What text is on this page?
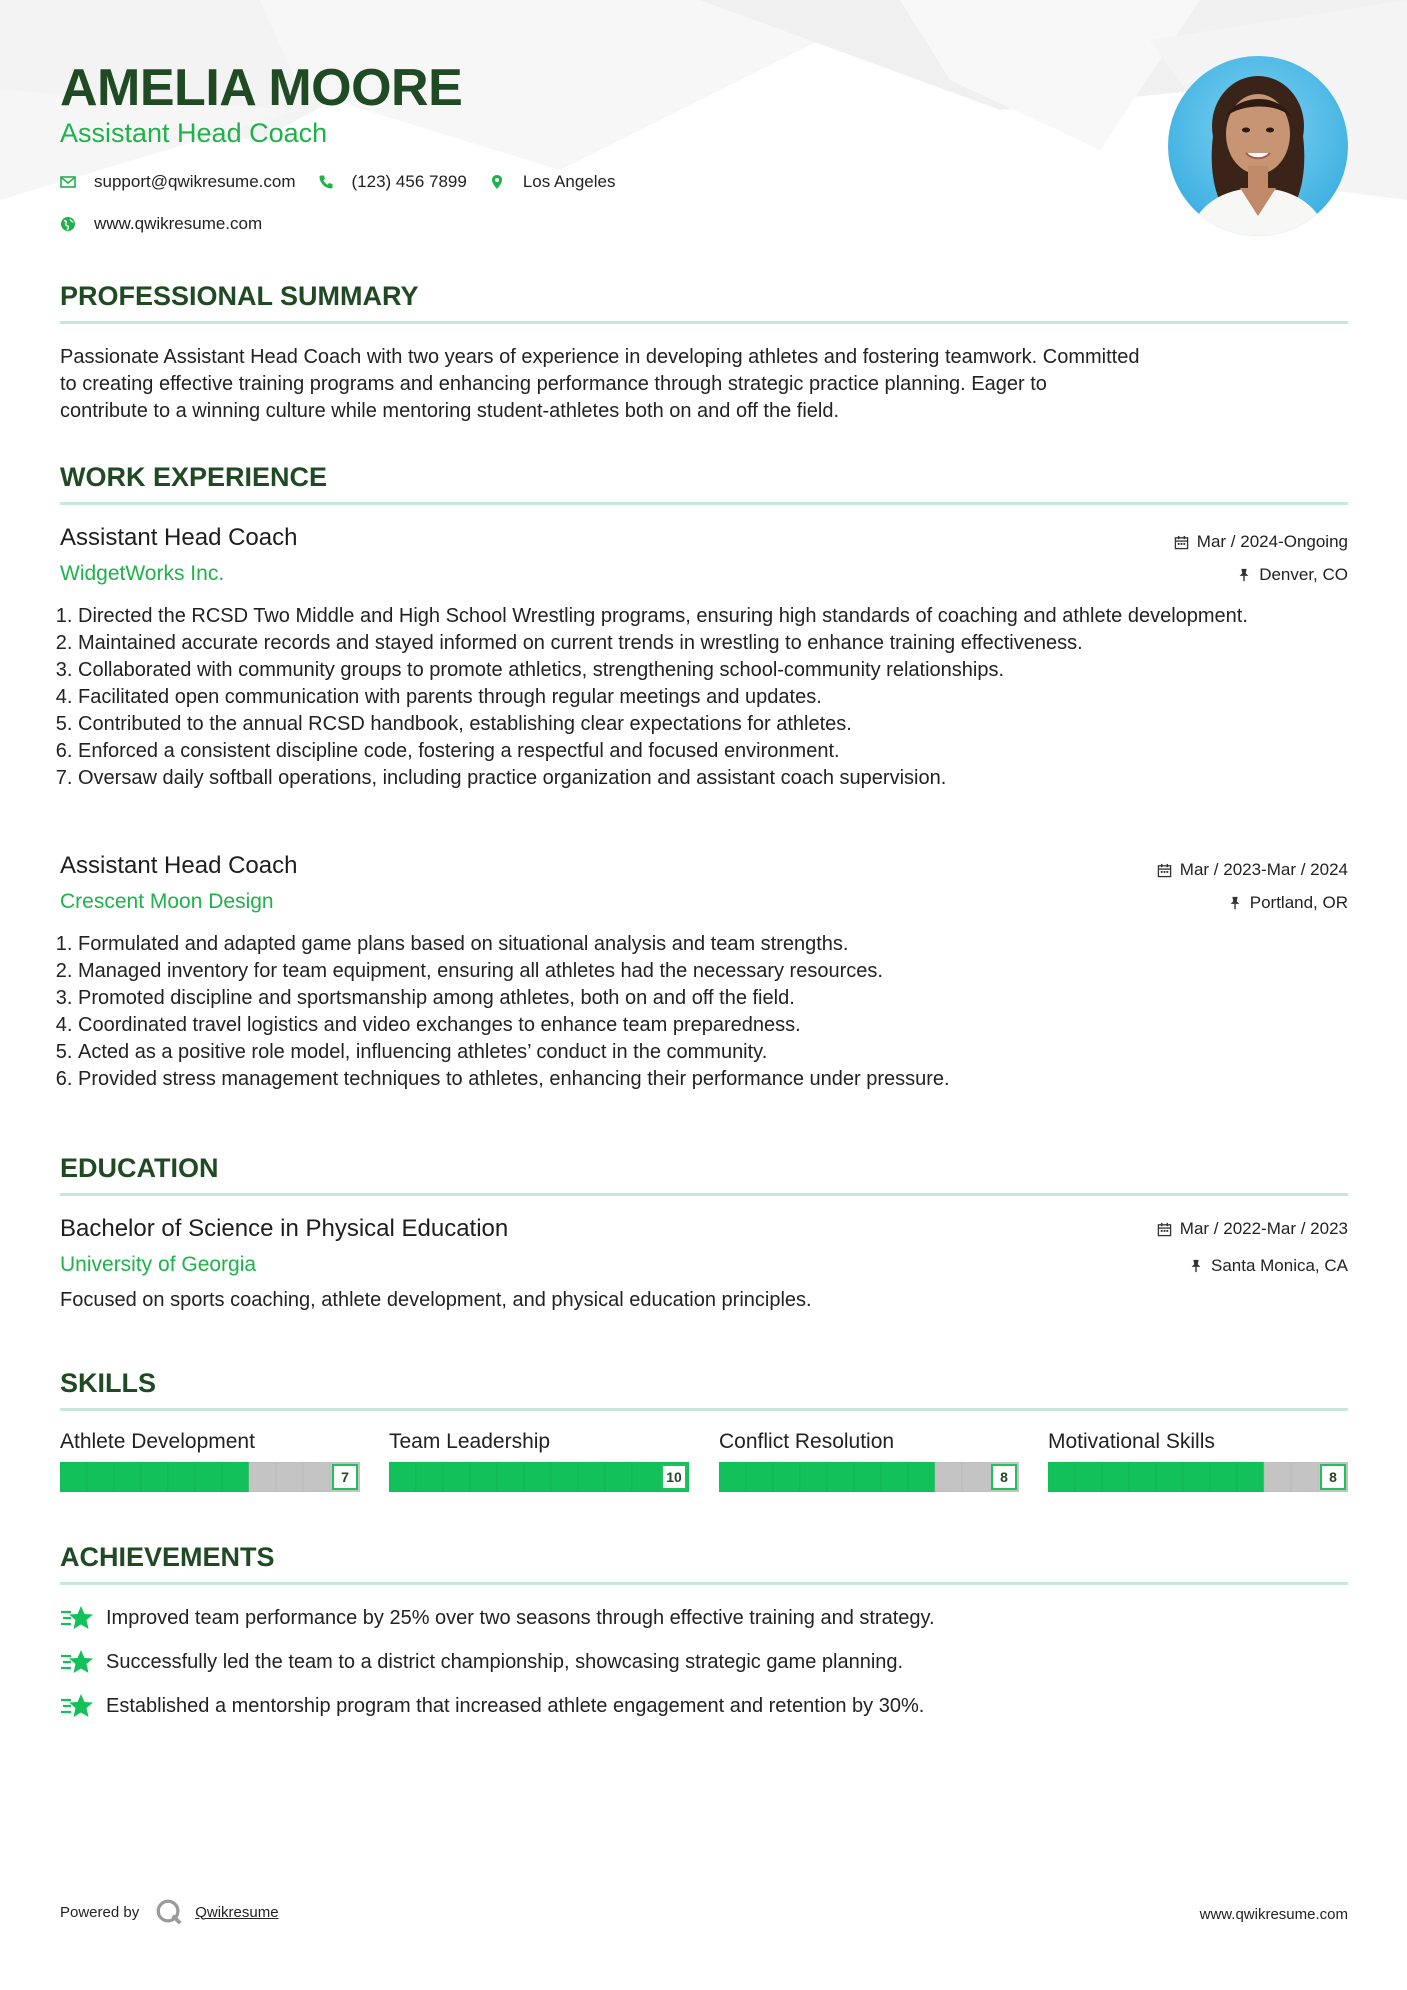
AMELIA MOORE
Assistant Head Coach
support@qwikresume.com	(123) 456 7899	Los Angeles
www.qwikresume.com
PROFESSIONAL SUMMARY
Passionate Assistant Head Coach with two years of experience in developing athletes and fostering teamwork. Committed
to creating effective training programs and enhancing performance through strategic practice planning. Eager to
contribute to a winning culture while mentoring student-athletes both on and off the field.
WORK EXPERIENCE
Assistant Head Coach
WidgetWorks Inc.
Mar / 2024-Ongoing
Denver, CO
1. Directed the RCSD Two Middle and High School Wrestling programs, ensuring high standards of coaching and athlete development.
2. Maintained accurate records and stayed informed on current trends in wrestling to enhance training effectiveness.
3. Collaborated with community groups to promote athletics, strengthening school-community relationships.
4. Facilitated open communication with parents through regular meetings and updates.
5. Contributed to the annual RCSD handbook, establishing clear expectations for athletes.
6. Enforced a consistent discipline code, fostering a respectful and focused environment.
7. Oversaw daily softball operations, including practice organization and assistant coach supervision.
Assistant Head Coach
Crescent Moon Design
Mar / 2023-Mar / 2024
Portland, OR
1. Formulated and adapted game plans based on situational analysis and team strengths.
2. Managed inventory for team equipment, ensuring all athletes had the necessary resources.
3. Promoted discipline and sportsmanship among athletes, both on and off the field.
4. Coordinated travel logistics and video exchanges to enhance team preparedness.
5. Acted as a positive role model, influencing athletes’ conduct in the community.
6. Provided stress management techniques to athletes, enhancing their performance under pressure.
EDUCATION
Bachelor of Science in Physical Education
University of Georgia
Mar / 2022-Mar / 2023
Santa Monica, CA
Focused on sports coaching, athlete development, and physical education principles.
SKILLS
Athlete Development
7
Team Leadership
10
Conflict Resolution
8
Motivational Skills
8
ACHIEVEMENTS
Improved team performance by 25% over two seasons through effective training and strategy.
Successfully led the team to a district championship, showcasing strategic game planning.
Established a mentorship program that increased athlete engagement and retention by 30%.
Powered by	Qwikresume	www.qwikresume.com
